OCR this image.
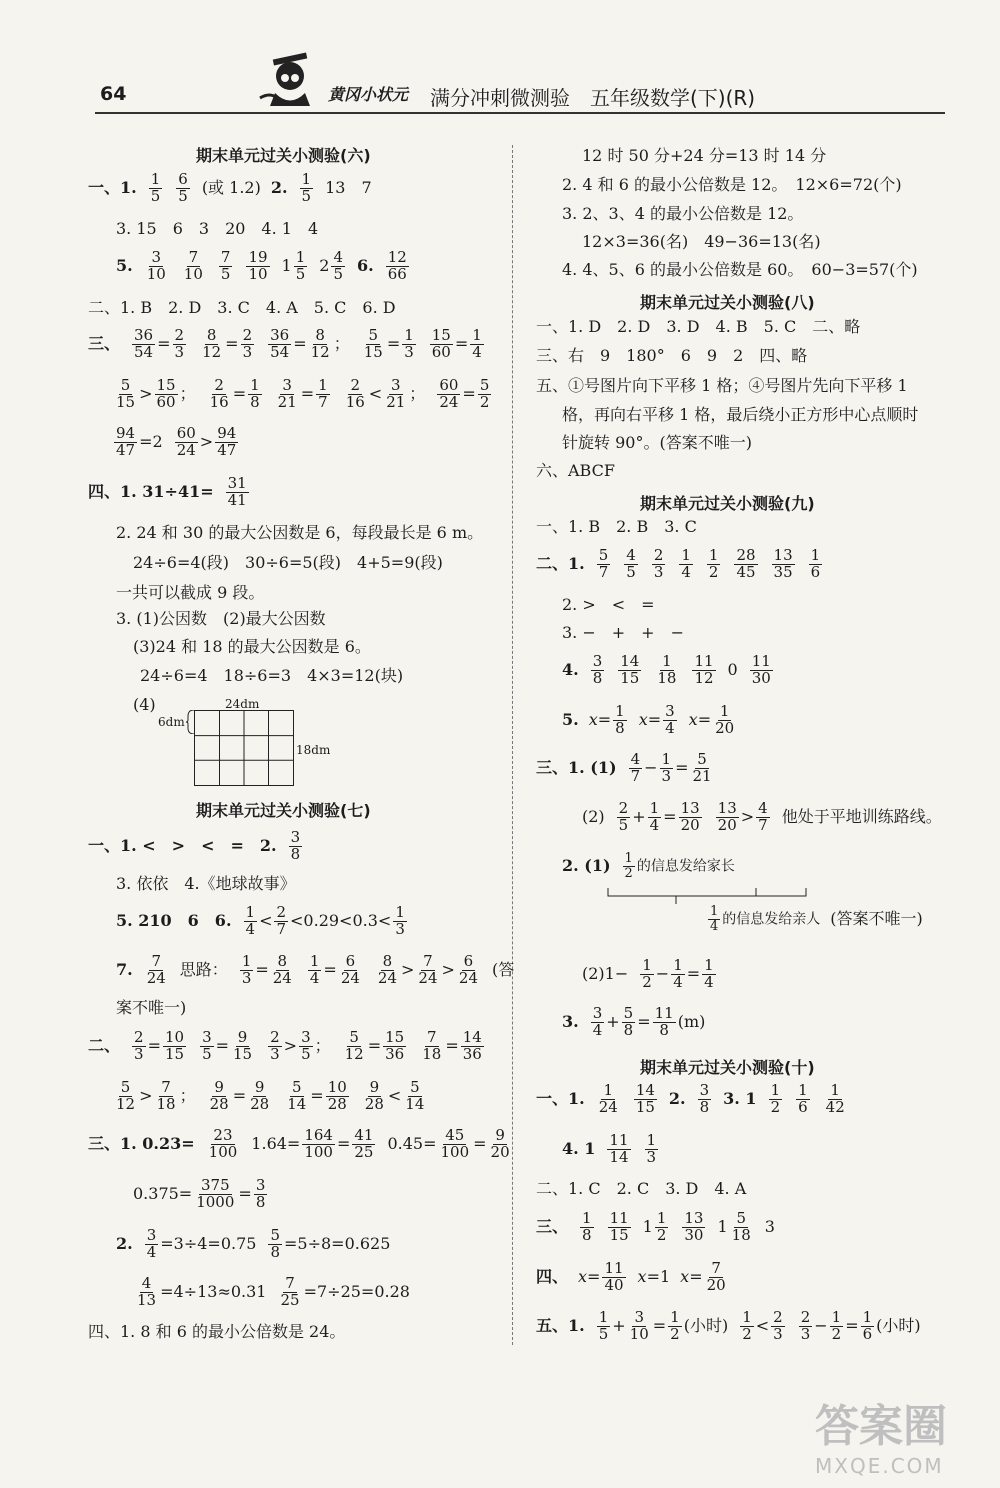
64	黄冈小状元 满分冲刺微测验　五年级数学(下)(R)
期末单元过关小测验(六)
一、1. 1
5
6
5 (或 1.2) 2. 1
5 13　7
3. 15　6　3　20　4. 1　4
5. 3
10
7
10
7
5
19
10 $1 \frac{1}{5} 2 \frac{4}{5} 6$. 12
66
二、1. B　2. D　3. C　4. A　5. C　6. D
三、 $\frac{36}{54} = \frac{2}{3} \frac{8}{12} = \frac{2}{3} \frac{36}{54} = \frac{8}{12}$ ； $\frac{5}{15} = \frac{1}{3} \frac{15}{60} = \frac{1}{4}$
$\frac{5}{15} > \frac{15}{60}$ ； $\frac{2}{16} = \frac{1}{8} \frac{3}{21} = \frac{1}{7} \frac{2}{16} < \frac{3}{21}$ ； $\frac{60}{24} = \frac{5}{2}$
$\frac{94}{47} =2 \frac{60}{24} > \frac{94}{47}$
四、1. $31\div 41= \frac{31}{41}$
2. 24 和 30 的最大公因数是 6，每段最长是 6 m。
24÷6=4(段)　30÷6=5(段)　4+5=9(段)
一共可以截成 9 段。
3. (1)公因数　(2)最大公因数
(3)24 和 18 的最大公因数是 6。
24÷6=4　18÷6=3　4×3=12(块)
(4)	24dm
6dm
18dm
期末单元过关小测验(七)
一、1. <　>　<　=　2. 3
8
3. 依依　4.《地球故事》
5. 210　6　6. $\frac{1}{4} < \frac{2}{7} <0.29<0.3< \frac{1}{3}$
7. 7
24 思路： $\frac{1}{3} = \frac{8}{24} \frac{1}{4} = \frac{6}{24} \frac{8}{24} > \frac{7}{24} > \frac{6}{24}$ (答
案不唯一)
二、 $\frac{2}{3} = \frac{10}{15} \frac{3}{5} = \frac{9}{15} \frac{2}{3} > \frac{3}{5}$ ； $\frac{5}{12} = \frac{15}{36} \frac{7}{18} = \frac{14}{36}$
$\frac{5}{12} > \frac{7}{18}$ ； $\frac{9}{28} = \frac{9}{28} \frac{5}{14} = \frac{10}{28} \frac{9}{28} < \frac{5}{14}$
三、1. $0.23= \frac{23}{100} 1.64= \frac{164}{100} = \frac{41}{25} 0.45= \frac{45}{100} = \frac{9}{20}$
$0.375= \frac{375}{1000} = \frac{3}{8}$
2. $\frac{3}{4} =3\div 4=0.75 \frac{5}{8} =5\div 8=0.625$
$\frac{4}{13} =4\div 13\approx 0.31 \frac{7}{25} =7\div 25=0.28$
四、1. 8 和 6 的最小公倍数是 24。
12 时 50 分+24 分=13 时 14 分
2. 4 和 6 的最小公倍数是 12。　12×6=72(个)
3. 2、3、4 的最小公倍数是 12。
12×3=36(名)　49−36=13(名)
4. 4、5、6 的最小公倍数是 60。　60−3=57(个)
期末单元过关小测验(八)
一、1. D　2. D　3. D　4. B　5. C　二、略
三、右　9　180°　6　9　2　四、略
五、①号图片向下平移 1 格；④号图片先向下平移 1
格，再向右平移 1 格，最后绕小正方形中心点顺时
针旋转 90°。(答案不唯一)
六、ABCF
期末单元过关小测验(九)
一、1. B　2. B　3. C
二、1. 5
7
4
5
2
3
1
4
1
2
28
45
13
35
1
6
2. >　<　=
3. −　+　+　−
4. 3
8
14
15
1
18
11
12 0 11
30
5. $x= \frac{1}{8} x= \frac{3}{4} x= \frac{1}{20}$
三、1. $(1) \frac{4}{7} - \frac{1}{3} = \frac{5}{21}$
$(2) \frac{2}{5} + \frac{1}{4} = \frac{13}{20} \frac{13}{20} > \frac{4}{7}$ 他处于平地训练路线。
2. $(1) \frac{1}{2}$ 的信息发给家长
$\frac{1}{4}$ 的信息发给亲人 (答案不唯一)
$(2)1- \frac{1}{2} - \frac{1}{4} = \frac{1}{4}$
3. $\frac{3}{4} + \frac{5}{8} = \frac{11}{8} (m)$
期末单元过关小测验(十)
一、1. 1
24
14
15 2. 3
8 3. 1 1
2
1
6
1
42
4. 1 11
14
1
3
二、1. C　2. C　3. D　4. A
三、 1
8
11
15 $1 \frac{1}{2} 13$
30 $1 \frac{5}{18} 3$
四、 $x= \frac{11}{40} x=1$ $x= \frac{7}{20}$
五、1. $\frac{1}{5} + \frac{3}{10} = \frac{1}{2}$ (小时) $\frac{1}{2} < \frac{2}{3} \frac{2}{3} - \frac{1}{2} = \frac{1}{6}$ (小时)
答案圈
MXQE.COM
